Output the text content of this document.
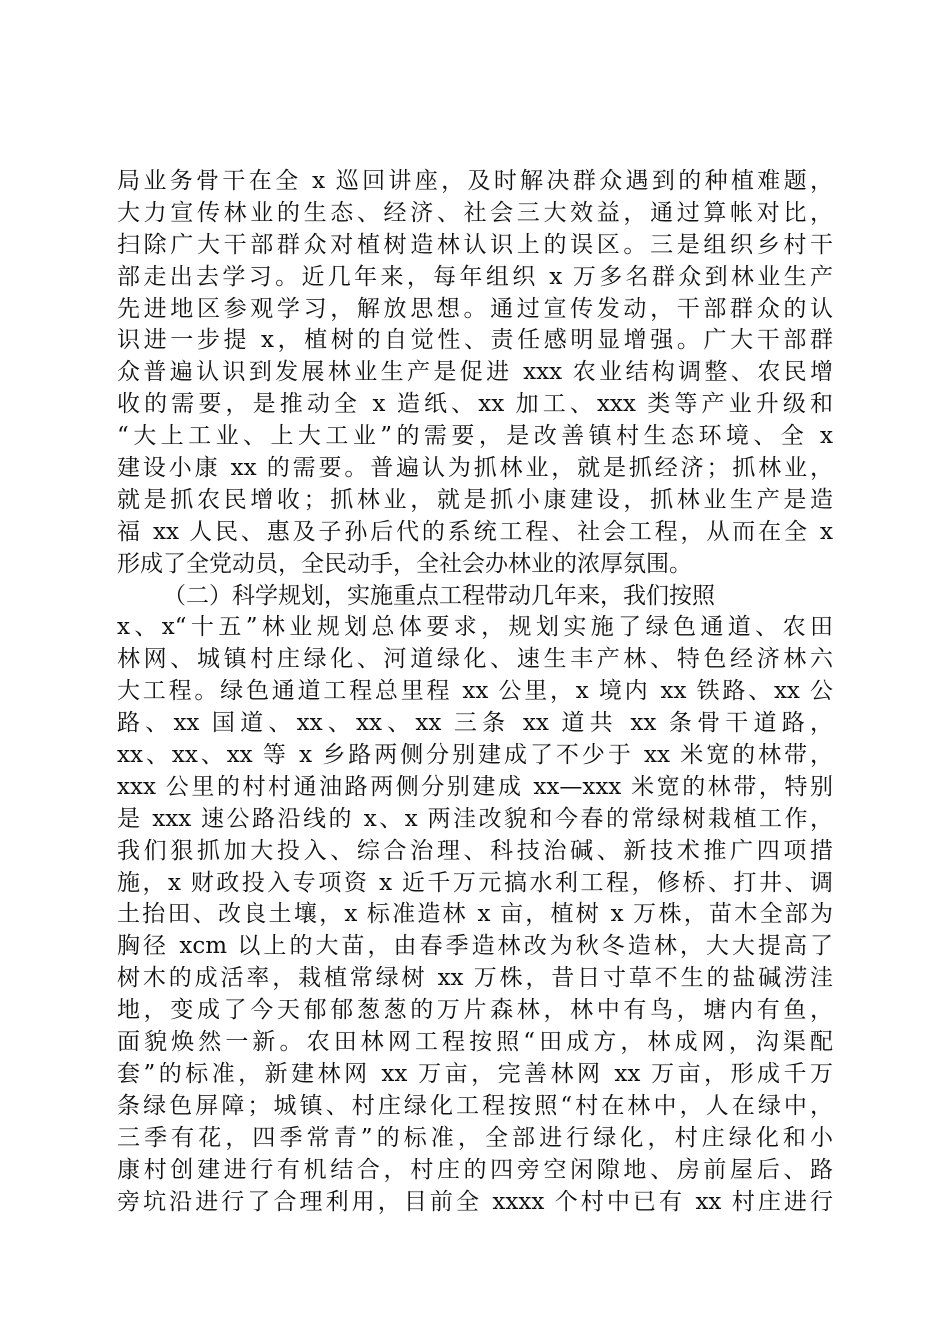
局业务骨干在全 x 巡回讲座，及时解决群众遇到的种植难题，
大力宣传林业的生态、经济、社会三大效益，通过算帐对比，
扫除广大干部群众对植树造林认识上的误区。三是组织乡村干
部走出去学习。近几年来，每年组织 x 万多名群众到林业生产
先进地区参观学习，解放思想。通过宣传发动，干部群众的认
识进一步提 x，植树的自觉性、责任感明显增强。广大干部群
众普遍认识到发展林业生产是促进 xxx 农业结构调整、农民增
收的需要，是推动全 x 造纸、xx 加工、xxx 类等产业升级和
“大上工业、上大工业”的需要，是改善镇村生态环境、全 x
建设小康 xx 的需要。普遍认为抓林业，就是抓经济；抓林业，
就是抓农民增收；抓林业，就是抓小康建设，抓林业生产是造
福 xx 人民、惠及子孙后代的系统工程、社会工程，从而在全 x
形成了全党动员，全民动手，全社会办林业的浓厚氛围。
（二）科学规划，实施重点工程带动几年来，我们按照
x、x“十五”林业规划总体要求，规划实施了绿色通道、农田
林网、城镇村庄绿化、河道绿化、速生丰产林、特色经济林六
大工程。绿色通道工程总里程 xx 公里，x 境内 xx 铁路、xx 公
路、xx 国道、xx、xx、xx 三条 xx 道共 xx 条骨干道路，
xx、xx、xx 等 x 乡路两侧分别建成了不少于 xx 米宽的林带，
xxx 公里的村村通油路两侧分别建成 xx—xxx 米宽的林带，特别
是 xxx 速公路沿线的 x、x 两洼改貌和今春的常绿树栽植工作，
我们狠抓加大投入、综合治理、科技治碱、新技术推广四项措
施，x 财政投入专项资 x 近千万元搞水利工程，修桥、打井、调
土抬田、改良土壤，x 标准造林 x 亩，植树 x 万株，苗木全部为
胸径 xcm 以上的大苗，由春季造林改为秋冬造林，大大提高了
树木的成活率，栽植常绿树 xx 万株，昔日寸草不生的盐碱涝洼
地，变成了今天郁郁葱葱的万片森林，林中有鸟，塘内有鱼，
面貌焕然一新。农田林网工程按照“田成方，林成网，沟渠配
套”的标准，新建林网 xx 万亩，完善林网 xx 万亩，形成千万
条绿色屏障；城镇、村庄绿化工程按照“村在林中，人在绿中，
三季有花，四季常青”的标准，全部进行绿化，村庄绿化和小
康村创建进行有机结合，村庄的四旁空闲隙地、房前屋后、路
旁坑沿进行了合理利用，目前全 xxxx 个村中已有 xx 村庄进行
